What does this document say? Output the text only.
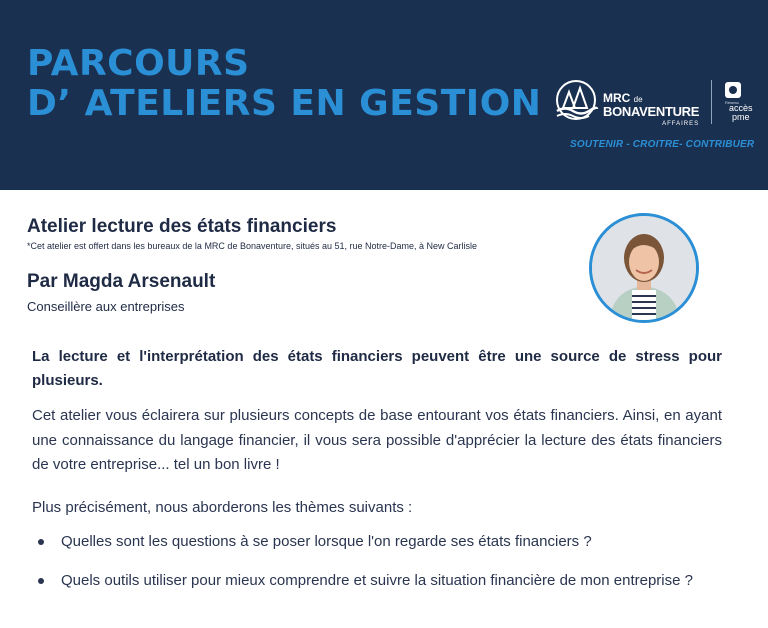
PARCOURS
D’ ATELIERS EN GESTION	MRC de
BONAVENTURE
AFFAIRES
Réseau
accès
pme
SOUTENIR - CROITRE- CONTRIBUER
Atelier lecture des états financiers
*Cet atelier est offert dans les bureaux de la MRC de Bonaventure, situés au 51, rue Notre-Dame, à New Carlisle
Par Magda Arsenault
Conseillère aux entreprises
La lecture et l'interprétation des états financiers peuvent être une source de stress pour plusieurs.
Cet atelier vous éclairera sur plusieurs concepts de base entourant vos états financiers. Ainsi, en ayant une connaissance du langage financier, il vous sera possible d'apprécier la lecture des états financiers de votre entreprise... tel un bon livre !
Plus précisément, nous aborderons les thèmes suivants :
Quelles sont les questions à se poser lorsque l'on regarde ses états financiers ?
Quels outils utiliser pour mieux comprendre et suivre la situation financière de mon entreprise ?
